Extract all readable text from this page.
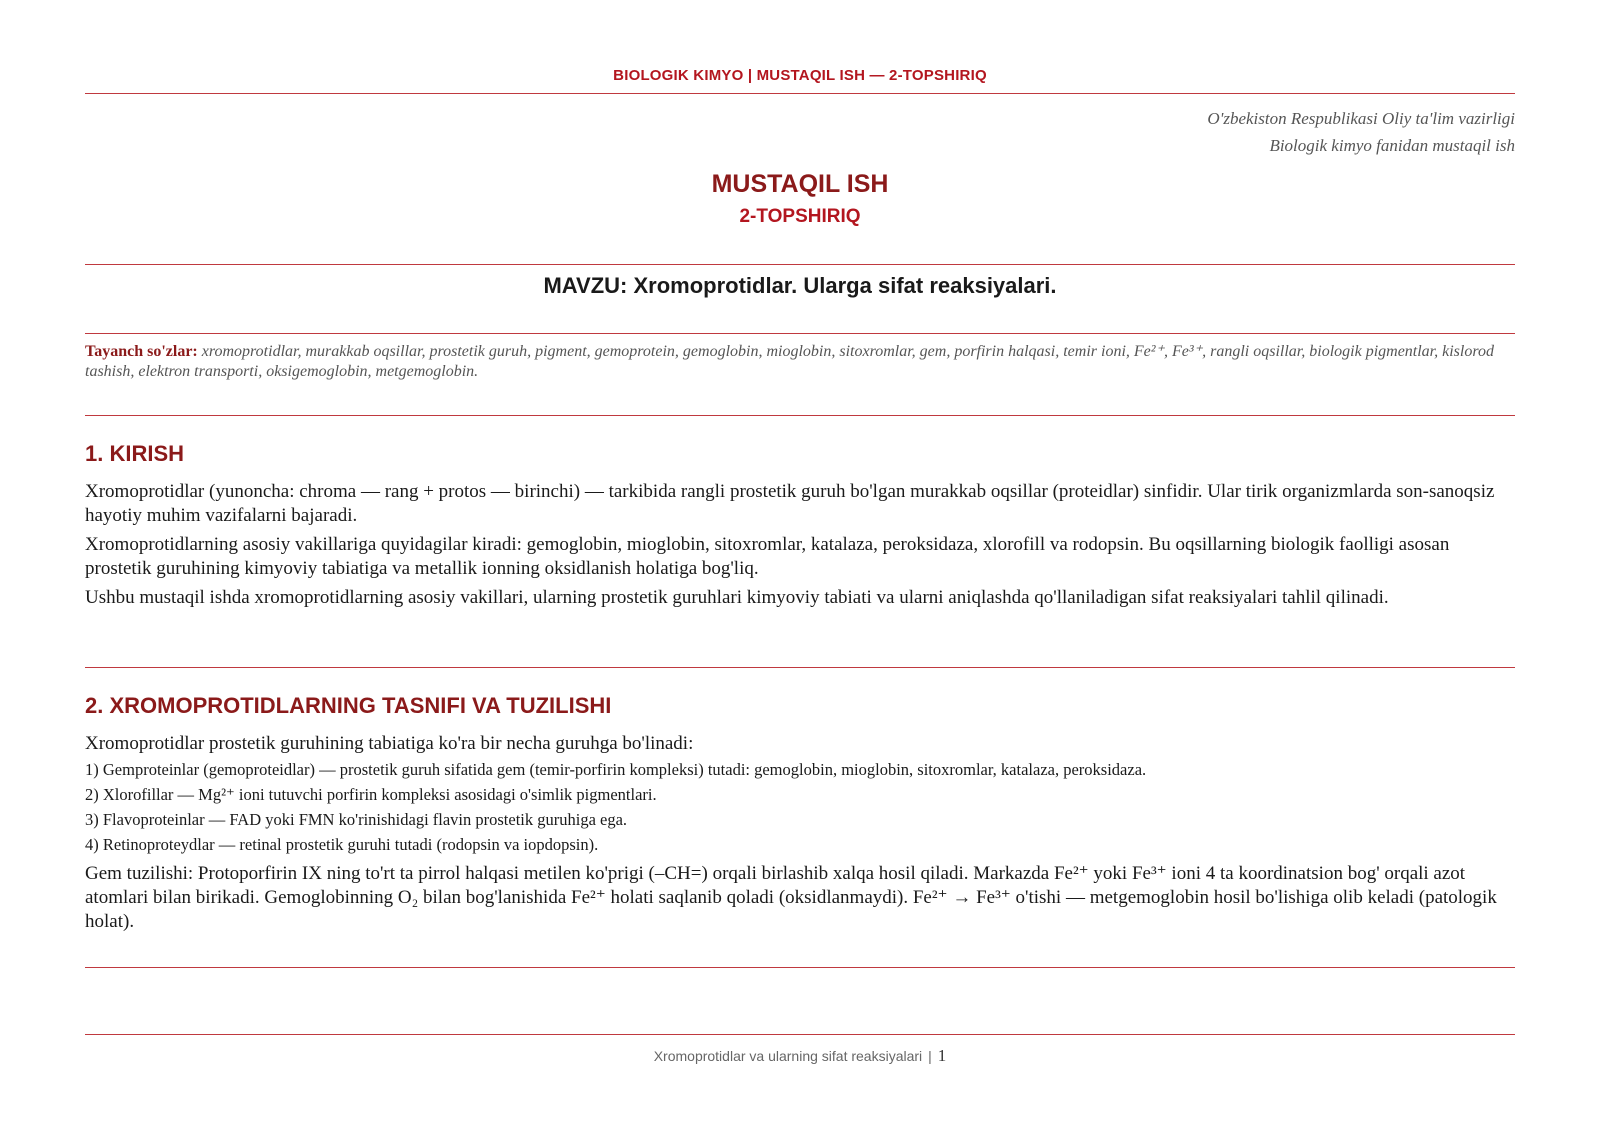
BIOLOGIK KIMYO | MUSTAQIL ISH — 2-TOPSHIRIQ
O'zbekiston Respublikasi Oliy ta'lim vazirligi
Biologik kimyo fanidan mustaqil ish
MUSTAQIL ISH
2-TOPSHIRIQ
MAVZU: Xromoprotidlar. Ularga sifat reaksiyalari.
Tayanch so'zlar: xromoprotidlar, murakkab oqsillar, prostetik guruh, pigment, gemoprotein, gemoglobin, mioglobin, sitoxromlar, gem, porfirin halqasi, temir ioni, Fe²⁺, Fe³⁺, rangli oqsillar, biologik pigmentlar, kislorod tashish, elektron transporti, oksigemoglobin, metgemoglobin.
1. KIRISH
Xromoprotidlar (yunoncha: chroma — rang + protos — birinchi) — tarkibida rangli prostetik guruh bo'lgan murakkab oqsillar (proteidlar) sinfidir. Ular tirik organizmlarda son-sanoqsiz hayotiy muhim vazifalarni bajaradi.
Xromoprotidlarning asosiy vakillariga quyidagilar kiradi: gemoglobin, mioglobin, sitoxromlar, katalaza, peroksidaza, xlorofill va rodopsin. Bu oqsillarning biologik faolligi asosan prostetik guruhining kimyoviy tabiatiga va metallik ionning oksidlanish holatiga bog'liq.
Ushbu mustaqil ishda xromoprotidlarning asosiy vakillari, ularning prostetik guruhlari kimyoviy tabiati va ularni aniqlashda qo'llaniladigan sifat reaksiyalari tahlil qilinadi.
2. XROMOPROTIDLARNING TASNIFI VA TUZILISHI
Xromoprotidlar prostetik guruhining tabiatiga ko'ra bir necha guruhga bo'linadi:
1) Gemproteinlar (gemoproteidlar) — prostetik guruh sifatida gem (temir-porfirin kompleksi) tutadi: gemoglobin, mioglobin, sitoxromlar, katalaza, peroksidaza.
2) Xlorofillar — Mg²⁺ ioni tutuvchi porfirin kompleksi asosidagi o'simlik pigmentlari.
3) Flavoproteinlar — FAD yoki FMN ko'rinishidagi flavin prostetik guruhiga ega.
4) Retinoproteydlar — retinal prostetik guruhi tutadi (rodopsin va iopdopsin).
Gem tuzilishi: Protoporfirin IX ning to'rt ta pirrol halqasi metilen ko'prigi (–CH=) orqali birlashib xalqa hosil qiladi. Markazda Fe²⁺ yoki Fe³⁺ ioni 4 ta koordinatsion bog' orqali azot atomlari bilan birikadi. Gemoglobinning O₂ bilan bog'lanishida Fe²⁺ holati saqlanib qoladi (oksidlanmaydi). Fe²⁺ → Fe³⁺ o'tishi — metgemoglobin hosil bo'lishiga olib keladi (patologik holat).
Xromoprotidlar va ularning sifat reaksiyalari | 1
